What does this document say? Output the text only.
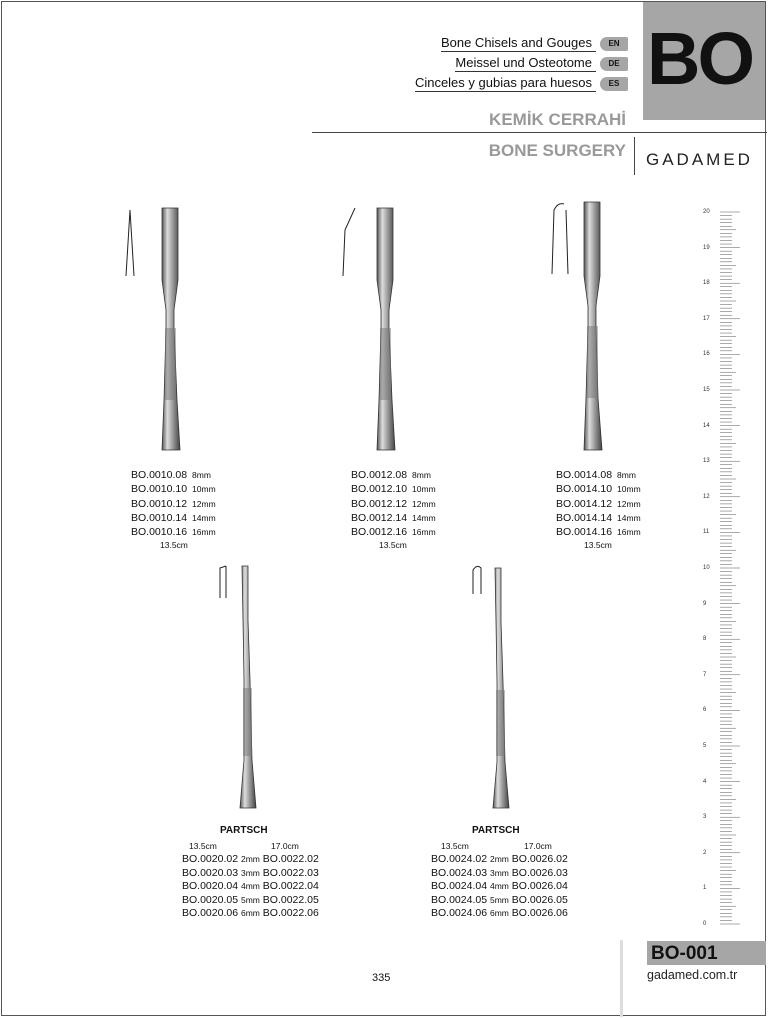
BO
Bone Chisels and Gouges	EN
Meissel und Osteotome	DE
Cinceles y gubias para huesos	ES
KEMİK CERRAHİ
BONE SURGERY GADAMED
20
19
18
17
16
15
14
13
12
11
10
9
8
7
6
5
4
3
2
1
0
BO.0010.08 8mm
BO.0010.10 10mm
BO.0010.12 12mm
BO.0010.14 14mm
BO.0010.16 16mm
13.5cm
BO.0012.08 8mm
BO.0012.10 10mm
BO.0012.12 12mm
BO.0012.14 14mm
BO.0012.16 16mm
13.5cm
BO.0014.08 8mm
BO.0014.10 10mm
BO.0014.12 12mm
BO.0014.14 14mm
BO.0014.16 16mm
13.5cm
PARTSCH
13.5cm	17.0cm
BO.0020.02 2mm BO.0022.02
BO.0020.03 3mm BO.0022.03
BO.0020.04 4mm BO.0022.04
BO.0020.05 5mm BO.0022.05
BO.0020.06 6mm BO.0022.06
PARTSCH
13.5cm	17.0cm
BO.0024.02 2mm BO.0026.02
BO.0024.03 3mm BO.0026.03
BO.0024.04 4mm BO.0026.04
BO.0024.05 5mm BO.0026.05
BO.0024.06 6mm BO.0026.06
335
BO-001
gadamed.com.tr
